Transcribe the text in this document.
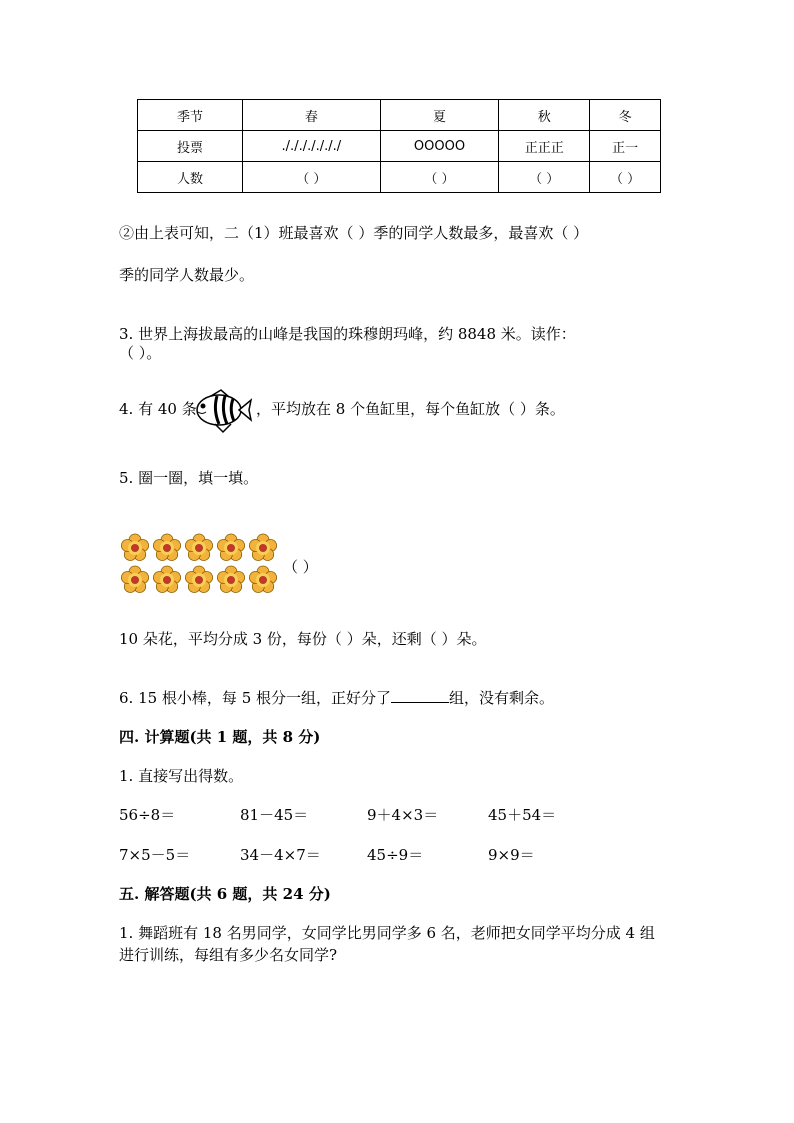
季节	春	夏	秋	冬
投票	./././././././	OOOOO	正正正	正一
人数	（ ）	（ ）	（ ）	（ ）
②由上表可知，二（1）班最喜欢（ ）季的同学人数最多，最喜欢（ ）
季的同学人数最少。
3. 世界上海拔最高的山峰是我国的珠穆朗玛峰，约 8848 米。读作：
（ ）。
4. 有 40 条	，平均放在 8 个鱼缸里，每个鱼缸放（ ）条。
5. 圈一圈，填一填。
（ ）
10 朵花，平均分成 3 份，每份（ ）朵，还剩（ ）朵。
6. 15 根小棒，每 5 根分一组，正好分了	组，没有剩余。
四. 计算题(共 1 题，共 8 分)
1. 直接写出得数。
56÷8＝	81－45＝	9＋4×3＝	45＋54＝
7×5－5＝	34－4×7＝	45÷9＝	9×9＝
五. 解答题(共 6 题，共 24 分)
1. 舞蹈班有 18 名男同学，女同学比男同学多 6 名，老师把女同学平均分成 4 组
进行训练，每组有多少名女同学?
